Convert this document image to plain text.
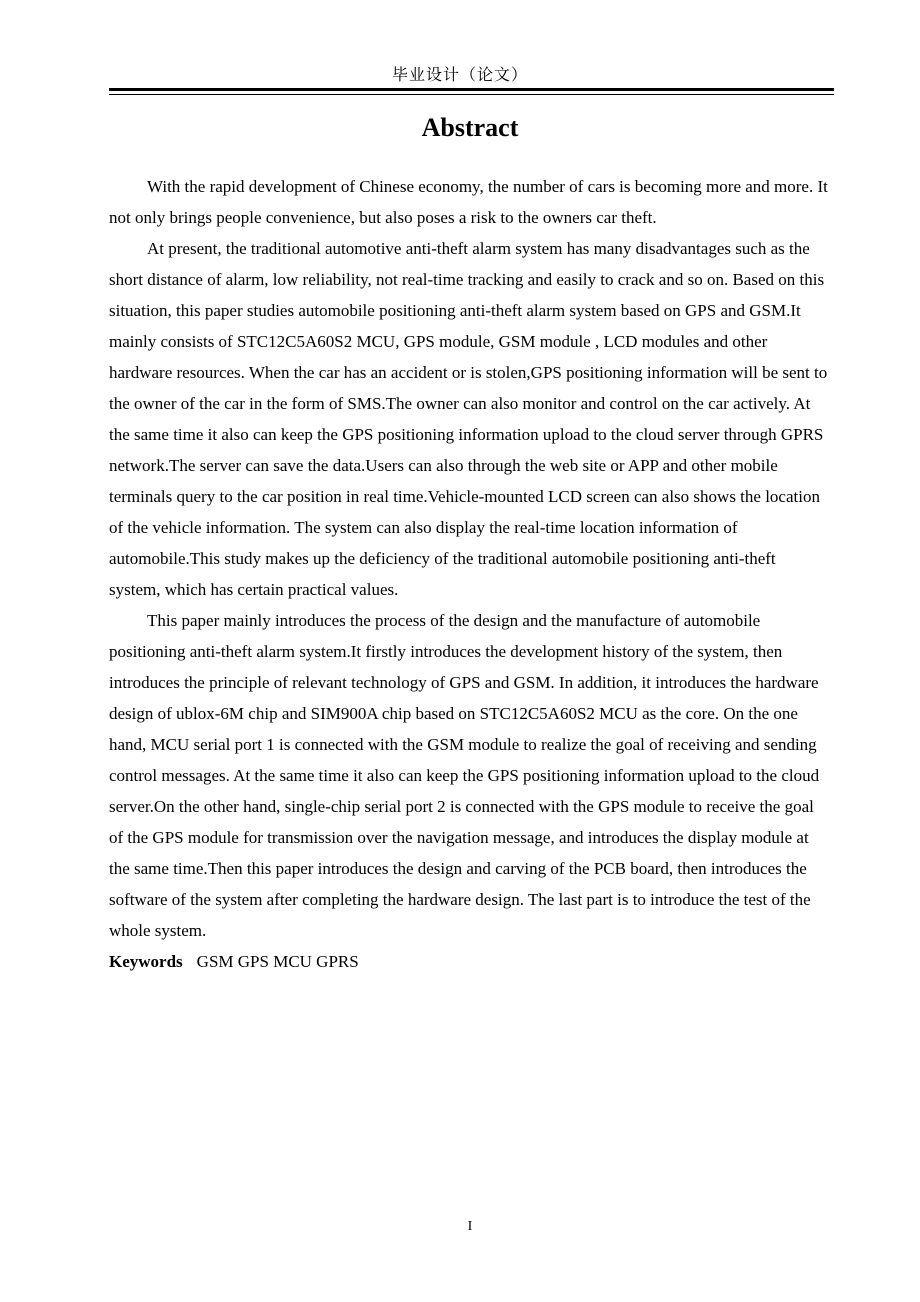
毕业设计（论文）
Abstract

With the rapid development of Chinese economy, the number of cars is becoming more and more. It not only brings people convenience, but also poses a risk to the owners car theft.

At present, the traditional automotive anti-theft alarm system has many disadvantages such as the short distance of alarm, low reliability, not real-time tracking and easily to crack and so on. Based on this situation, this paper studies automobile positioning anti-theft alarm system based on GPS and GSM.It mainly consists of STC12C5A60S2 MCU, GPS module, GSM module , LCD modules and other hardware resources. When the car has an accident or is stolen,GPS positioning information will be sent to the owner of the car in the form of SMS.The owner can also monitor and control on the car actively. At the same time it also can keep the GPS positioning information upload to the cloud server through GPRS network.The server can save the data.Users can also through the web site or APP and other mobile terminals query to the car position in real time.Vehicle-mounted LCD screen can also shows the location of the vehicle information. The system can also display the real-time location information of automobile.This study makes up the deficiency of the traditional automobile positioning anti-theft system, which has certain practical values.

This paper mainly introduces the process of the design and the manufacture of automobile positioning anti-theft alarm system.It firstly introduces the development history of the system, then introduces the principle of relevant technology of GPS and GSM. In addition, it introduces the hardware design of ublox-6M chip and SIM900A chip based on STC12C5A60S2 MCU as the core. On the one hand, MCU serial port 1 is connected with the GSM module to realize the goal of receiving and sending control messages. At the same time it also can keep the GPS positioning information upload to the cloud server.On the other hand, single-chip serial port 2 is connected with the GPS module to receive the goal of the GPS module for transmission over the navigation message, and introduces the display module at the same time.Then this paper introduces the design and carving of the PCB board, then introduces the software of the system after completing the hardware design. The last part is to introduce the test of the whole system.

Keywords GSM GPS MCU GPRS

I
